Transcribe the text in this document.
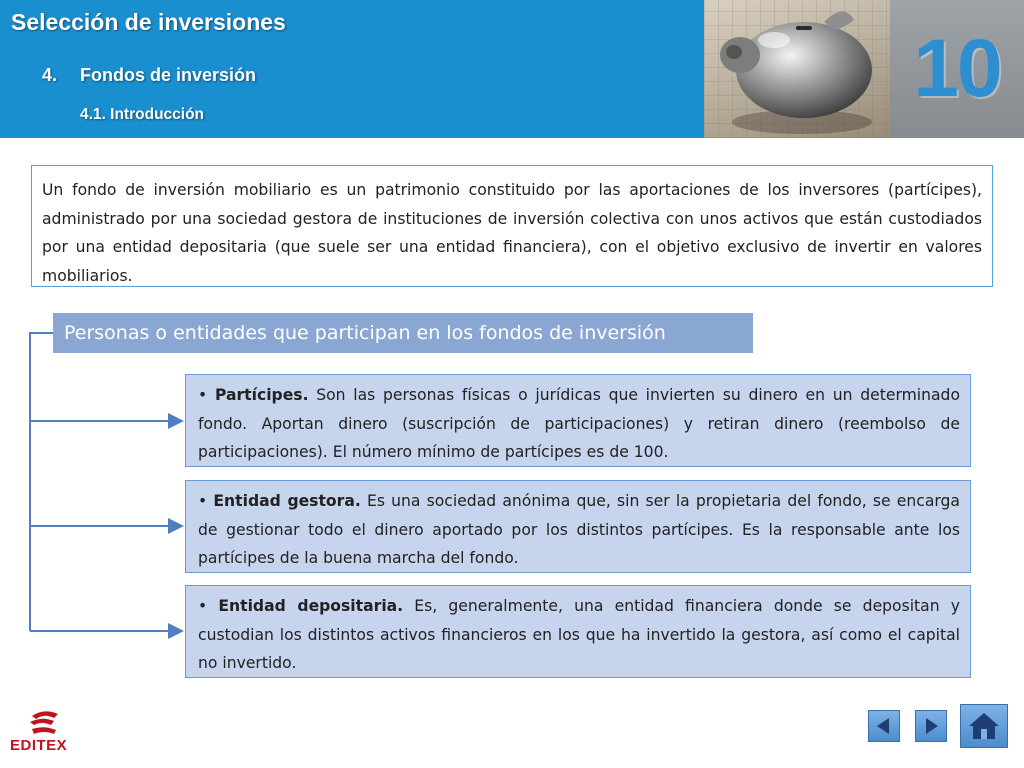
Selección de inversiones
4. Fondos de inversión
4.1. Introducción
10
Un fondo de inversión mobiliario es un patrimonio constituido por las aportaciones de los inversores (partícipes), administrado por una sociedad gestora de instituciones de inversión colectiva con unos activos que están custodiados por una entidad depositaria (que suele ser una entidad financiera), con el objetivo exclusivo de invertir en valores mobiliarios.
Personas o entidades que participan en los fondos de inversión
• Partícipes. Son las personas físicas o jurídicas que invierten su dinero en un determinado fondo. Aportan dinero (suscripción de participaciones) y retiran dinero (reembolso de participaciones). El número mínimo de partícipes es de 100.
• Entidad gestora. Es una sociedad anónima que, sin ser la propietaria del fondo, se encarga de gestionar todo el dinero aportado por los distintos partícipes. Es la responsable ante los partícipes de la buena marcha del fondo.
• Entidad depositaria. Es, generalmente, una entidad financiera donde se depositan y custodian los distintos activos financieros en los que ha invertido la gestora, así como el capital no invertido.
EDITEX
